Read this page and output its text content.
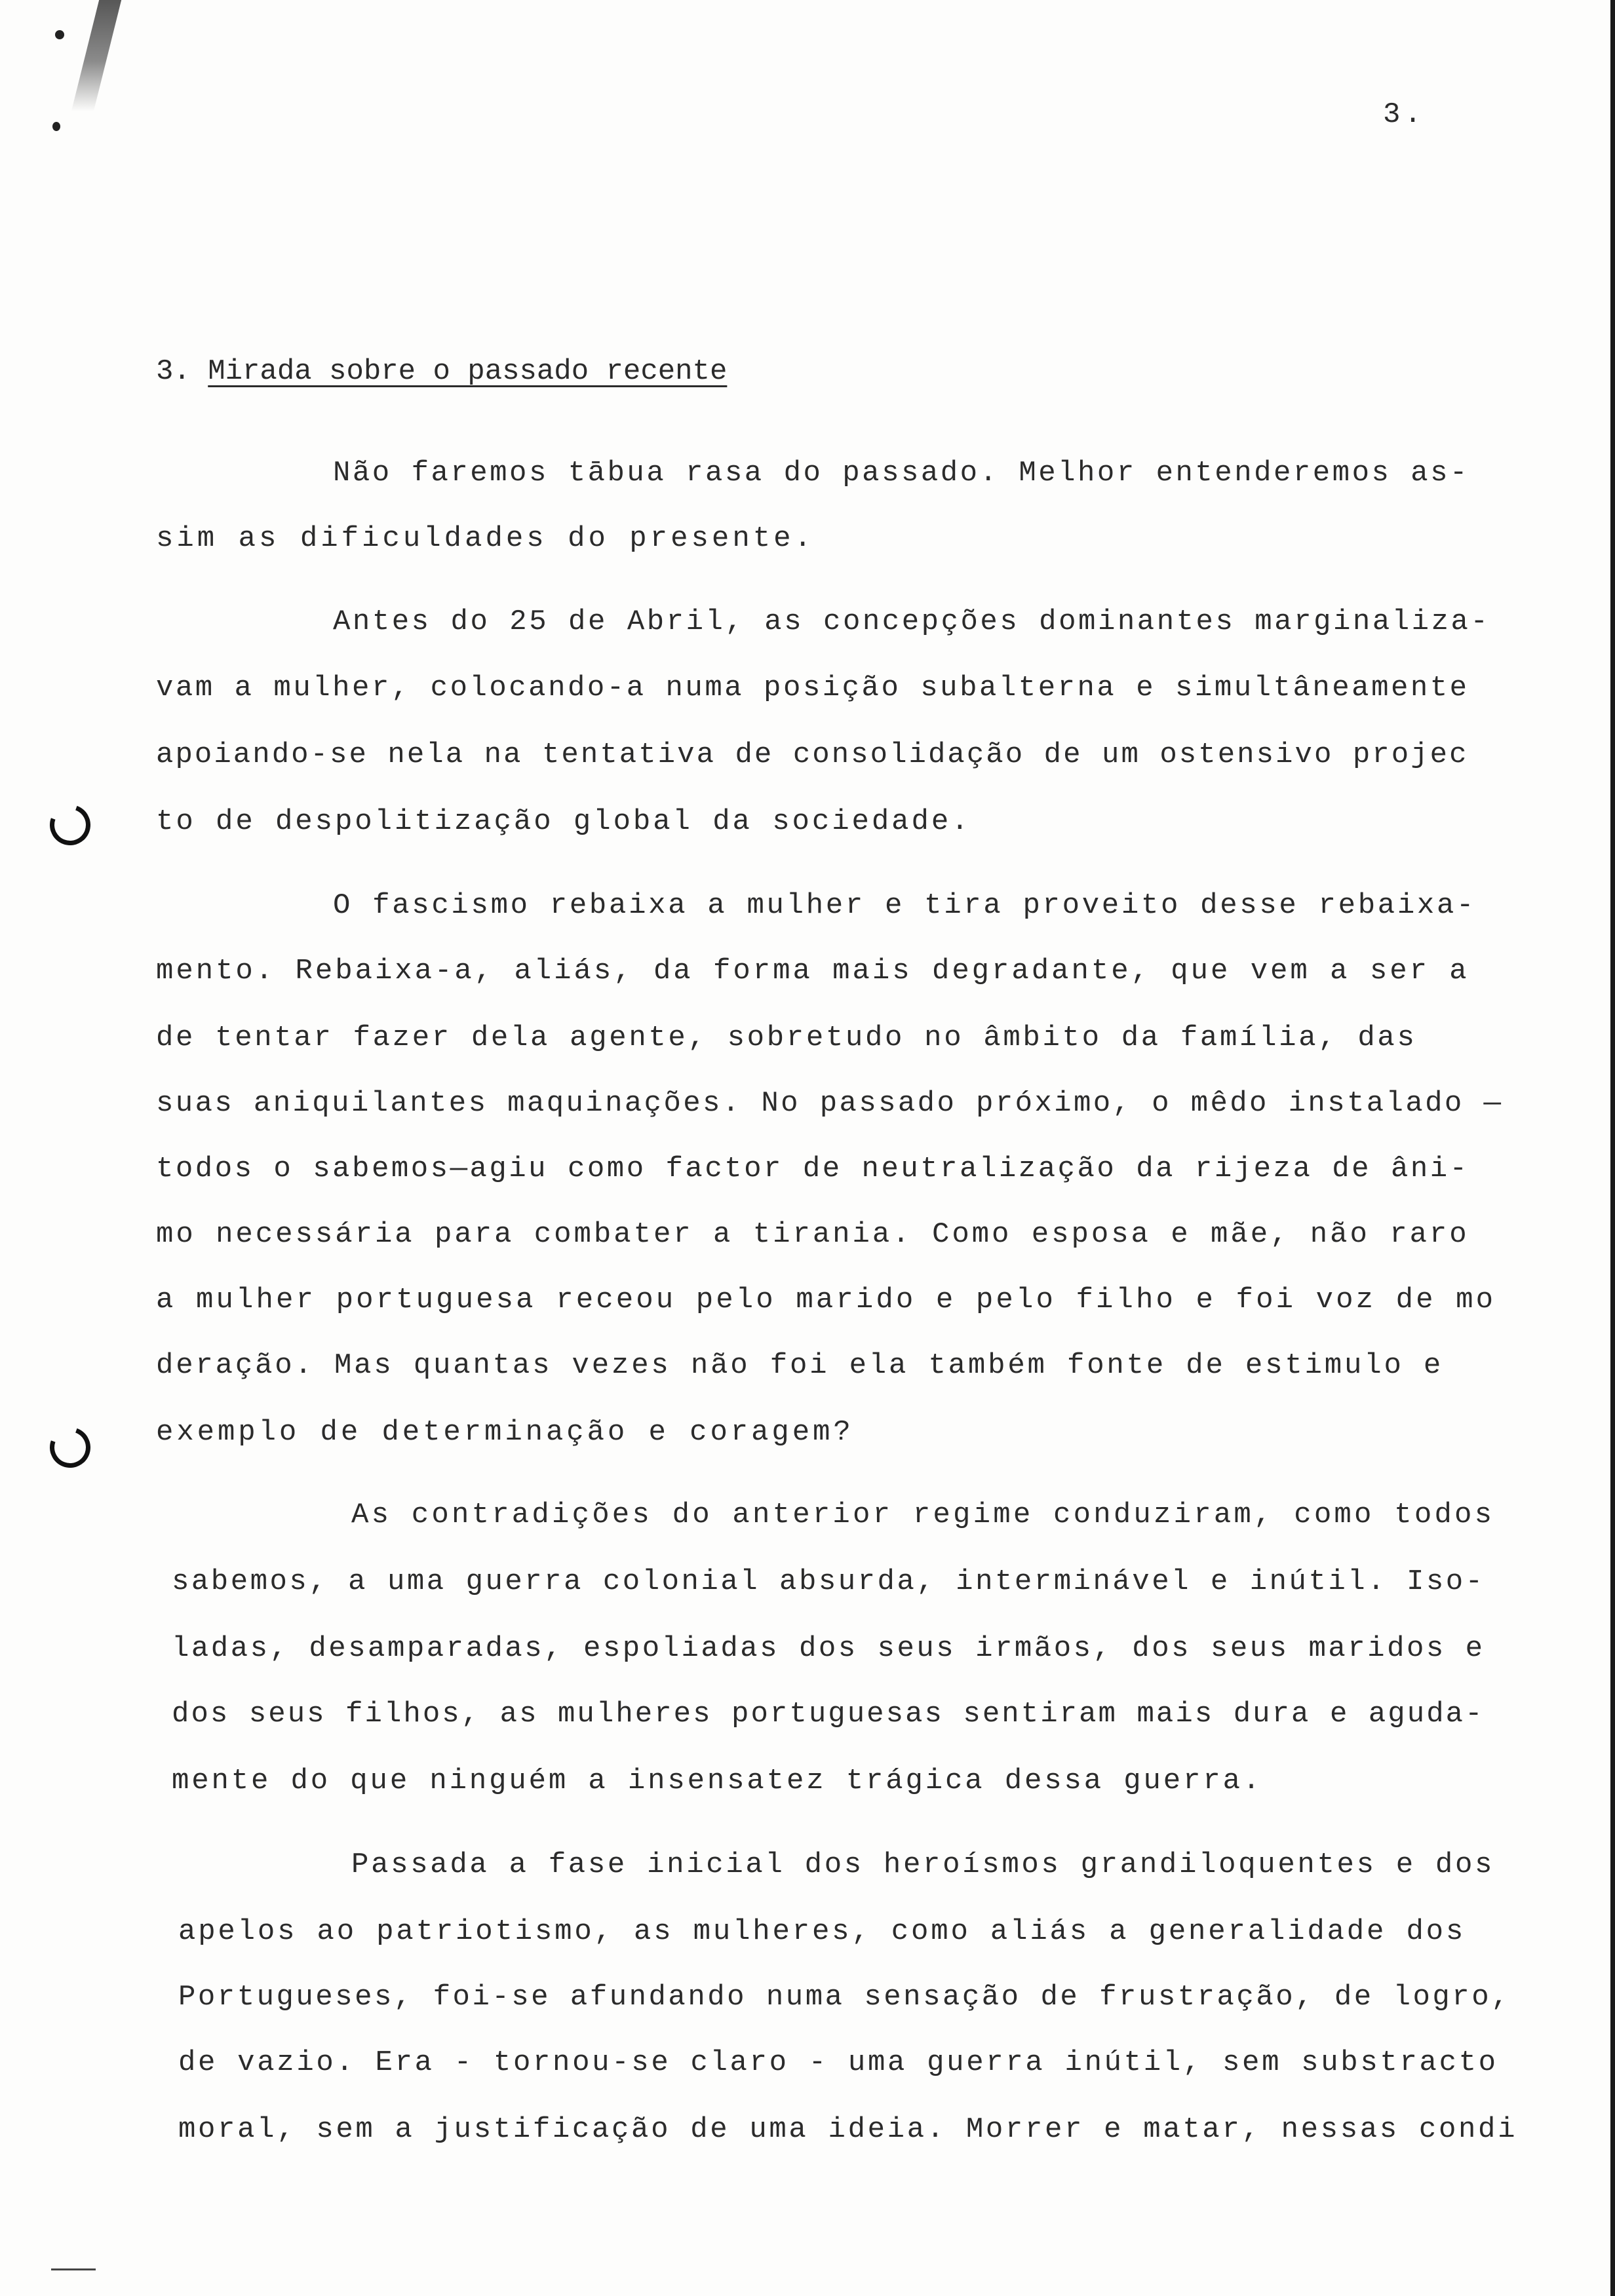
3.
3. Mirada sobre o passado recente
Não faremos tābua rasa do passado. Melhor entenderemos as-
sim as dificuldades do presente.
Antes do 25 de Abril, as concepções dominantes marginaliza-
vam a mulher, colocando-a numa posição subalterna e simultâneamente
apoiando-se nela na tentativa de consolidação de um ostensivo projec
to de despolitização global da sociedade.
O fascismo rebaixa a mulher e tira proveito desse rebaixa-
mento. Rebaixa-a, aliás, da forma mais degradante, que vem a ser a
de tentar fazer dela agente, sobretudo no âmbito da família, das
suas aniquilantes maquinações. No passado próximo, o mêdo instalado —
todos o sabemos—agiu como factor de neutralização da rijeza de âni-
mo necessária para combater a tirania. Como esposa e mãe, não raro
a mulher portuguesa receou pelo marido e pelo filho e foi voz de mo
deração. Mas quantas vezes não foi ela também fonte de estimulo e
exemplo de determinação e coragem?
As contradições do anterior regime conduziram, como todos
sabemos, a uma guerra colonial absurda, interminável e inútil. Iso-
ladas, desamparadas, espoliadas dos seus irmãos, dos seus maridos e
dos seus filhos, as mulheres portuguesas sentiram mais dura e aguda-
mente do que ninguém a insensatez trágica dessa guerra.
Passada a fase inicial dos heroísmos grandiloquentes e dos
apelos ao patriotismo, as mulheres, como aliás a generalidade dos
Portugueses, foi-se afundando numa sensação de frustração, de logro,
de vazio. Era - tornou-se claro - uma guerra inútil, sem substracto
moral, sem a justificação de uma ideia. Morrer e matar, nessas condi
